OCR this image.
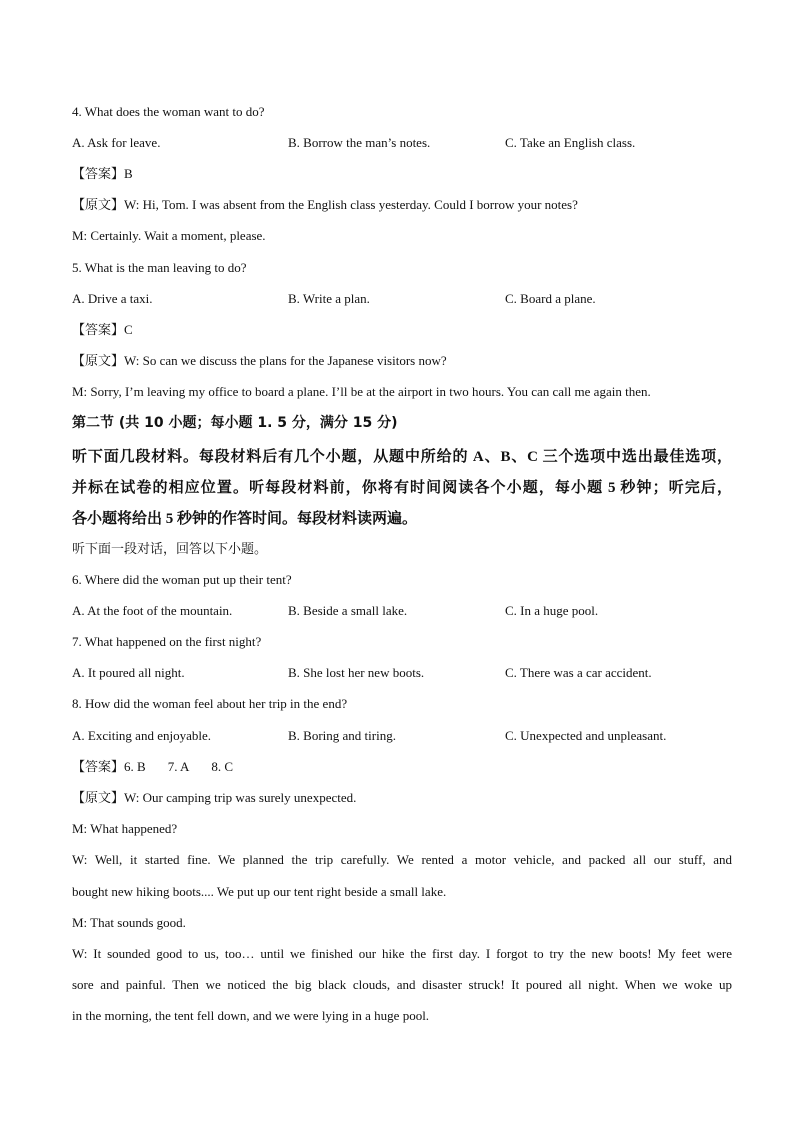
4. What does the woman want to do?
A. Ask for leave.	B. Borrow the man’s notes.	C. Take an English class.
【答案】B
【原文】W: Hi, Tom. I was absent from the English class yesterday. Could I borrow your notes?
M: Certainly. Wait a moment, please.
5. What is the man leaving to do?
A. Drive a taxi.	B. Write a plan.	C. Board a plane.
【答案】C
【原文】W: So can we discuss the plans for the Japanese visitors now?
M: Sorry, I’m leaving my office to board a plane. I’ll be at the airport in two hours. You can call me again then.
第二节 (共 10 小题；每小题 1. 5 分，满分 15 分)
听下面几段材料。每段材料后有几个小题，从题中所给的 A、B、C 三个选项中选出最佳选项，
并标在试卷的相应位置。听每段材料前，你将有时间阅读各个小题，每小题 5 秒钟；听完后，
各小题将给出 5 秒钟的作答时间。每段材料读两遍。
听下面一段对话，回答以下小题。
6. Where did the woman put up their tent?
A. At the foot of the mountain.	B. Beside a small lake.	C. In a huge pool.
7. What happened on the first night?
A. It poured all night.	B. She lost her new boots.	C. There was a car accident.
8. How did the woman feel about her trip in the end?
A. Exciting and enjoyable.	B. Boring and tiring.	C. Unexpected and unpleasant.
【答案】6. B 7. A 8. C
【原文】W: Our camping trip was surely unexpected.
M: What happened?
W: Well, it started fine. We planned the trip carefully. We rented a motor vehicle, and packed all our stuff, and
bought new hiking boots.... We put up our tent right beside a small lake.
M: That sounds good.
W: It sounded good to us, too… until we finished our hike the first day. I forgot to try the new boots! My feet were
sore and painful. Then we noticed the big black clouds, and disaster struck! It poured all night. When we woke up
in the morning, the tent fell down, and we were lying in a huge pool.
